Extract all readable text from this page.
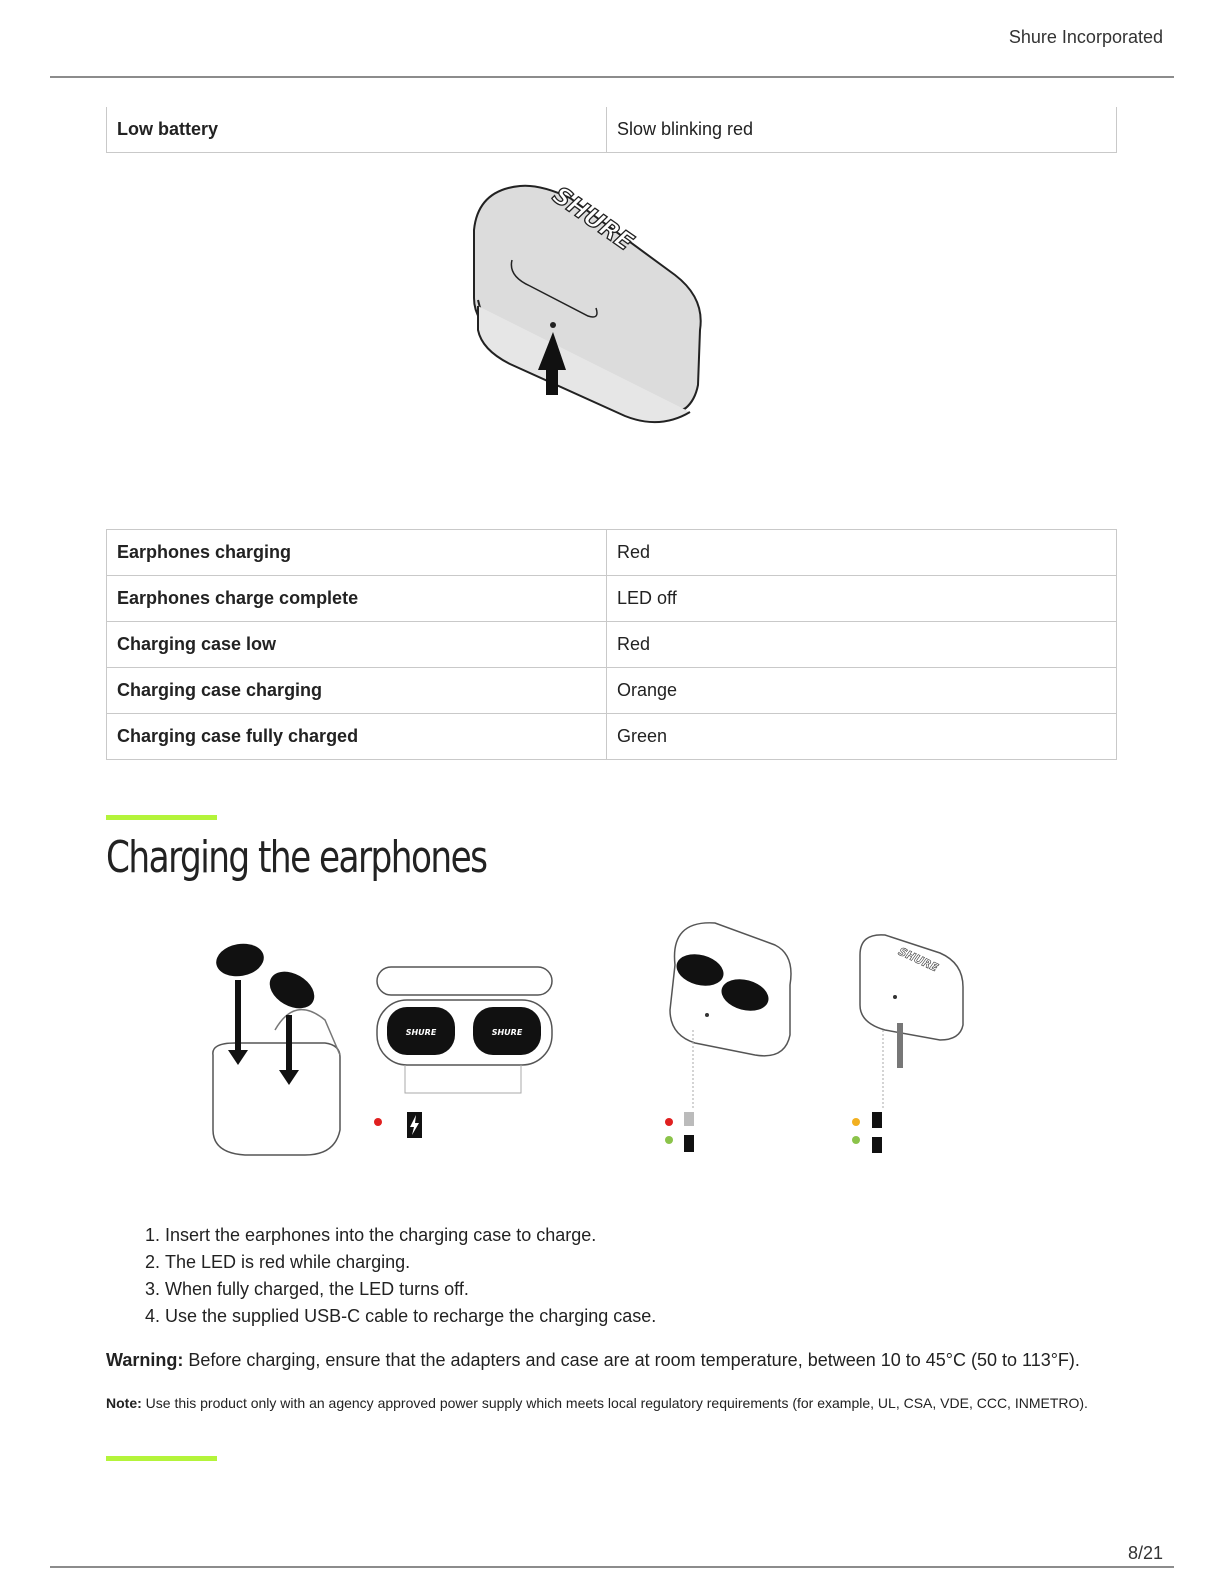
Shure Incorporated
Low battery	Slow blinking red
SHURE
Earphones charging	Red
Earphones charge complete	LED off
Charging case low	Red
Charging case charging	Orange
Charging case fully charged	Green
Charging the earphones
SHURE	SHURE
SHURE
1. Insert the earphones into the charging case to charge.
2. The LED is red while charging.
3. When fully charged, the LED turns off.
4. Use the supplied USB-C cable to recharge the charging case.
Warning: Before charging, ensure that the adapters and case are at room temperature, between 10 to 45°C (50 to 113°F).
Note: Use this product only with an agency approved power supply which meets local regulatory requirements (for example, UL, CSA, VDE, CCC, INMETRO).
8/21
